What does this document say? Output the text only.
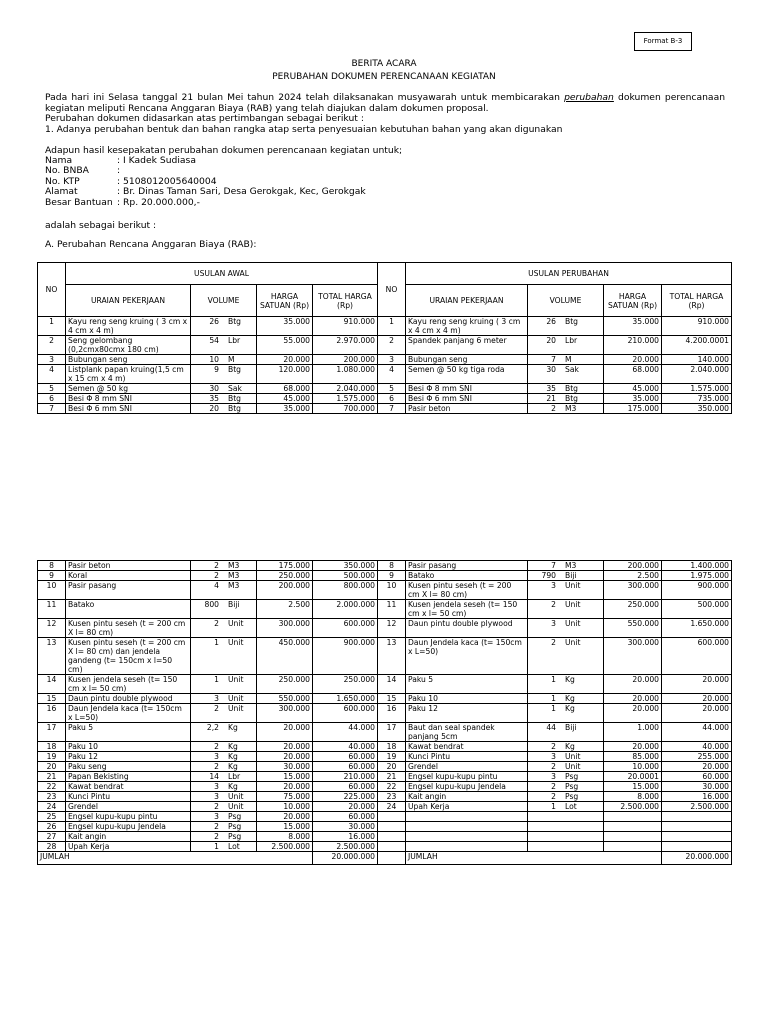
Format B-3
BERITA ACARA
PERUBAHAN DOKUMEN PERENCANAAN KEGIATAN
Pada hari ini Selasa tanggal 21 bulan Mei tahun 2024 telah dilaksanakan musyawarah untuk membicarakan perubahan dokumen perencanaan
kegiatan meliputi Rencana Anggaran Biaya (RAB) yang telah diajukan dalam dokumen proposal.
Perubahan dokumen didasarkan atas pertimbangan sebagai berikut :
1. Adanya perubahan bentuk dan bahan rangka atap serta penyesuaian kebutuhan bahan yang akan digunakan
Adapun hasil kesepakatan perubahan dokumen perencanaan kegiatan untuk;
Nama	: I Kadek Sudiasa
No. BNBA	:
No. KTP	: 5108012005640004
Alamat	: Br. Dinas Taman Sari, Desa Gerokgak, Kec, Gerokgak
Besar Bantuan : Rp. 20.000.000,-
adalah sebagai berikut :
A. Perubahan Rencana Anggaran Biaya (RAB):
NO	USULAN AWAL				NO	USULAN PERUBAHAN			
	URAIAN PEKERJAAN	VOLUME	HARGA SATUAN (Rp)	TOTAL HARGA (Rp)		URAIAN PEKERJAAN	VOLUME	HARGA SATUAN (Rp)	TOTAL HARGA (Rp)
1	Kayu reng seng kruing ( 3 cm x 4 cm x 4 m)	26 Btg	35.000	910.000	1	Kayu reng seng kruing ( 3 cm x 4 cm x 4 m)	26 Btg	35.000	910.000
2	Seng gelombang (0,2cmx80cmx 180 cm)	54 Lbr	55.000	2.970.000	2	Spandek panjang 6 meter	20 Lbr	210.000	4.200.0001
3	Bubungan seng	10 M	20.000	200.000	3	Bubungan seng	7 M	20.000	140.000
4	Listplank papan kruing(1,5 cm x 15 cm x 4 m)	9 Btg	120.000	1.080.000	4	Semen @ 50 kg tiga roda	30 Sak	68.000	2.040.000
5	Semen @ 50 kg	30 Sak	68.000	2.040.000	5	Besi Φ 8 mm SNI	35 Btg	45.000	1.575.000
6	Besi Φ 8 mm SNI	35 Btg	45.000	1.575.000	6	Besi Φ 6 mm SNI	21 Btg	35.000	735.000
7	Besi Φ 6 mm SNI	20 Btg	35.000	700.000	7	Pasir beton	2 M3	175.000	350.000
8	Pasir beton	2 M3	175.000	350.000	8	Pasir pasang	7 M3	200.000	1.400.000
9	Koral	2 M3	250.000	500.000	9	Batako	790 Biji	2.500	1.975.000
10	Pasir pasang	4 M3	200.000	800.000	10	Kusen pintu seseh (t = 200 cm X l= 80 cm)	3 Unit	300.000	900.000
11	Batako	800 Biji	2.500	2.000.000	11	Kusen jendela seseh (t= 150 cm x l= 50 cm)	2 Unit	250.000	500.000
12	Kusen pintu seseh (t = 200 cm X l= 80 cm)	2 Unit	300.000	600.000	12	Daun pintu double plywood	3 Unit	550.000	1.650.000
13	Kusen pintu seseh (t = 200 cm X l= 80 cm) dan jendela gandeng (t= 150cm x l=50 cm)	1 Unit	450.000	900.000	13	Daun Jendela kaca (t= 150cm x L=50)	2 Unit	300.000	600.000
14	Kusen jendela seseh (t= 150 cm x l= 50 cm)	1 Unit	250.000	250.000	14	Paku 5	1 Kg	20.000	20.000
15	Daun pintu double plywood	3 Unit	550.000	1.650.000	15	Paku 10	1 Kg	20.000	20.000
16	Daun Jendela kaca (t= 150cm x L=50)	2 Unit	300.000	600.000	16	Paku 12	1 Kg	20.000	20.000
17	Paku 5	2,2 Kg	20.000	44.000	17	Baut dan seal spandek panjang 5cm	44 Biji	1.000	44.000
18	Paku 10	2 Kg	20.000	40.000	18	Kawat bendrat	2 Kg	20.000	40.000
19	Paku 12	3 Kg	20.000	60.000	19	Kunci Pintu	3 Unit	85.000	255.000
20	Paku seng	2 Kg	30.000	60.000	20	Grendel	2 Unit	10.000	20.000
21	Papan Bekisting	14 Lbr	15.000	210.000	21	Engsel kupu-kupu pintu	3 Psg	20.0001	60.000
22	Kawat bendrat	3 Kg	20.000	60.000	22	Engsel kupu-kupu Jendela	2 Psg	15.000	30.000
23	Kunci Pintu	3 Unit	75.000	225.000	23	Kait angin	2 Psg	8.000	16.000
24	Grendel	2 Unit	10.000	20.000	24	Upah Kerja	1 Lot	2.500.000	2.500.000
25	Engsel kupu-kupu pintu	3 Psg	20.000	60.000			

26	Engsel kupu-kupu Jendela	2 Psg	15.000	30.000			

27	Kait angin	2 Psg	8.000	16.000			

28	Upah Kerja	1 Lot	2.500.000	2.500.000			

JUMLAH				20.000.000		JUMLAH			20.000.000
